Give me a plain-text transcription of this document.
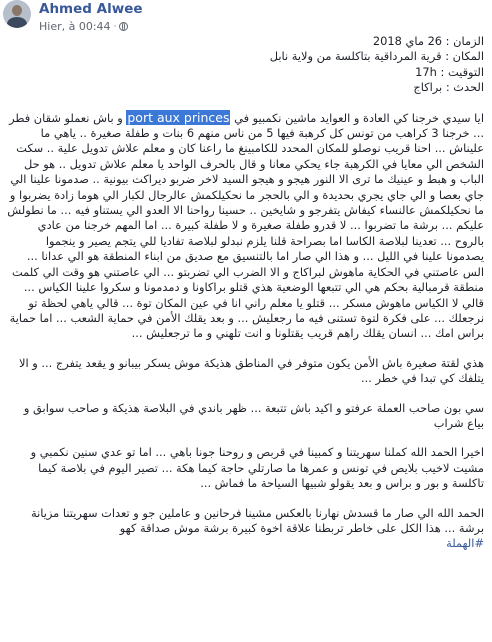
Ahmed Alwee
Hier, à 00:44 ·

الزمان : 26 ماي 2018

المكان : قرية المرداقية بتاكلسة من ولاية نابل

التوقيت : 17h

الحدث : براكاج

ايا سيدي خرجنا كي العادة و العوايد ماشين نكمبيو في port aux princes و باش نعملو شقان فطر ... خرجنا 3 كراهب من تونس كل كرهبة فيها 5 من ناس منهم 6 بنات و طفلة صغيرة .. ياهي ما عليناش ... احنا قريب نوصلو للمكان المحدد للكامبينغ ما راعنا كان و معلم علاش تدويل علية .. سكت الشخص الي معايا في الكرهبة جاء يحكي معانا و قال بالحرف الواحد يا معلم علاش تدويل .. هو حل الباب و هبط و عينيك ما ترى الا النور هيجو و هيجو السيد لاخر ضربو ديراكت بيونية .. صدمونا علينا الي جاي بعصا و الي جاي يجري بحديدة و الي بالحجر ما نحكيلكمش عالرجال لكبار الي هوما زادة يضربوا و ما نحكيلكمش عالنساء كيفاش يتفرجو و شايخين .. حسينا رواحنا الا العدو الي يستناو فيه ... ما نطولش عليكم ... برشة ما تضربوا ... لا قدرو طفلة صغيرة و لا طفلة كبيرة ... اما المهم خرجنا من عادي بالروح ... تعدينا لبلاصة الكاسا اما بصراحة قلنا يلزم نبدلو لبلاصة تفاديا للي يتجم يصير و ينجموا يصدمونا علينا في الليل ... و هذا الي صار اما بالتنسيق مع صديق من ابناء المنطقة هو الي عدانا ... الس عاصتني في الحكاية ماهوش لبراكاج و الا الضرب الي تضربتو ... الي عاصتني هو وقت الي كلمت منطقة قرمبالية بحكم هي الي تتبعها الوضعية هذي قتلو براكاونا و دمدمونا و سكروا علينا الكياس ... قالي لا الكياس ماهوش مسكر ... قتلو يا معلم راني انا في عين المكان توة ... قالي ياهي لحظة تو نرجعلك ... على فكرة لتوة تستنى فيه ما رجعليش ... و بعد يقلك الأمن في حماية الشعب ... اما حماية براس امك ... انسان يقلك راهم قريب يقتلونا و انت تلهني و ما ترجعليش ...

هذي لقتة صغيرة باش الأمن يكون متوفر في المناطق هذيكة موش يسكر بيبانو و يقعد يتفرج ... و الا يتلفك كي تبدا في خطر ...

سي بون صاحب العملة عرفتو و اكيد باش تتبعة ... ظهر باندي في البلاصة هذيكة و صاحب سوابق و بياع شراب

اخيرا الحمد الله كملنا سهريتنا و كمبينا في قربص و روحنا جونا باهي ... اما تو عدي سنين نكمبي و مشيت لاخيب بلايص في تونس و عمرها ما صارتلي حاجة كيما هكة ... تصير اليوم في بلاصة كيما تاكلسة و بور و براس و بعد يقولو شبيها السياحة ما فماش ...

الحمد الله الي صار ما قسدش نهارنا بالعكس مشينا فرحانين و عاملين جو و تعدات سهريتنا مزيانة برشة ... هذا الكل على خاطر تربطنا علاقة اخوة كبيرة برشة موش صداقة كهو

#الهملة
